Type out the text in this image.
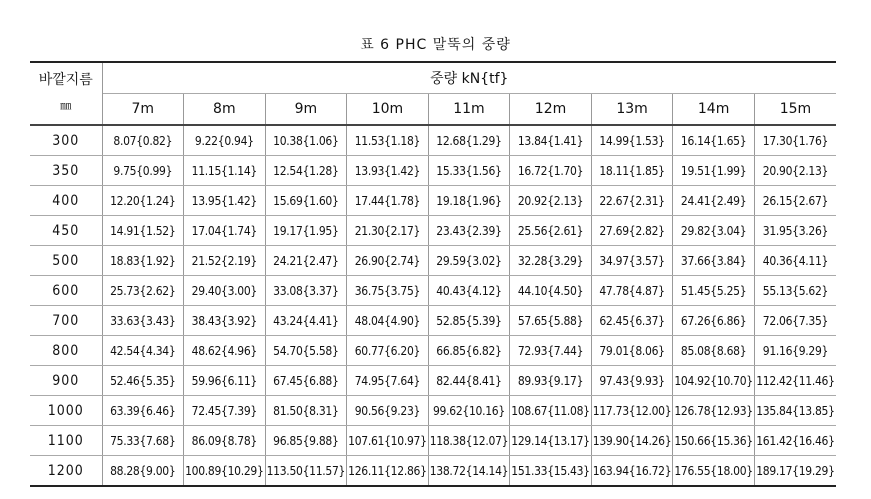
표 6 PHC 말뚝의 중량
바깥지름
㎜	중량 kN{tf}								
	7m	8m	9m	10m	11m	12m	13m	14m	15m
300	8.07{0.82}	9.22{0.94}	10.38{1.06}	11.53{1.18}	12.68{1.29}	13.84{1.41}	14.99{1.53}	16.14{1.65}	17.30{1.76}
350	9.75{0.99}	11.15{1.14}	12.54{1.28}	13.93{1.42}	15.33{1.56}	16.72{1.70}	18.11{1.85}	19.51{1.99}	20.90{2.13}
400	12.20{1.24}	13.95{1.42}	15.69{1.60}	17.44{1.78}	19.18{1.96}	20.92{2.13}	22.67{2.31}	24.41{2.49}	26.15{2.67}
450	14.91{1.52}	17.04{1.74}	19.17{1.95}	21.30{2.17}	23.43{2.39}	25.56{2.61}	27.69{2.82}	29.82{3.04}	31.95{3.26}
500	18.83{1.92}	21.52{2.19}	24.21{2.47}	26.90{2.74}	29.59{3.02}	32.28{3.29}	34.97{3.57}	37.66{3.84}	40.36{4.11}
600	25.73{2.62}	29.40{3.00}	33.08{3.37}	36.75{3.75}	40.43{4.12}	44.10{4.50}	47.78{4.87}	51.45{5.25}	55.13{5.62}
700	33.63{3.43}	38.43{3.92}	43.24{4.41}	48.04{4.90}	52.85{5.39}	57.65{5.88}	62.45{6.37}	67.26{6.86}	72.06{7.35}
800	42.54{4.34}	48.62{4.96}	54.70{5.58}	60.77{6.20}	66.85{6.82}	72.93{7.44}	79.01{8.06}	85.08{8.68}	91.16{9.29}
900	52.46{5.35}	59.96{6.11}	67.45{6.88}	74.95{7.64}	82.44{8.41}	89.93{9.17}	97.43{9.93}	104.92{10.70}	112.42{11.46}
1000	63.39{6.46}	72.45{7.39}	81.50{8.31}	90.56{9.23}	99.62{10.16}	108.67{11.08}	117.73{12.00}	126.78{12.93}	135.84{13.85}
1100	75.33{7.68}	86.09{8.78}	96.85{9.88}	107.61{10.97}	118.38{12.07}	129.14{13.17}	139.90{14.26}	150.66{15.36}	161.42{16.46}
1200	88.28{9.00}	100.89{10.29}	113.50{11.57}	126.11{12.86}	138.72{14.14}	151.33{15.43}	163.94{16.72}	176.55{18.00}	189.17{19.29}
